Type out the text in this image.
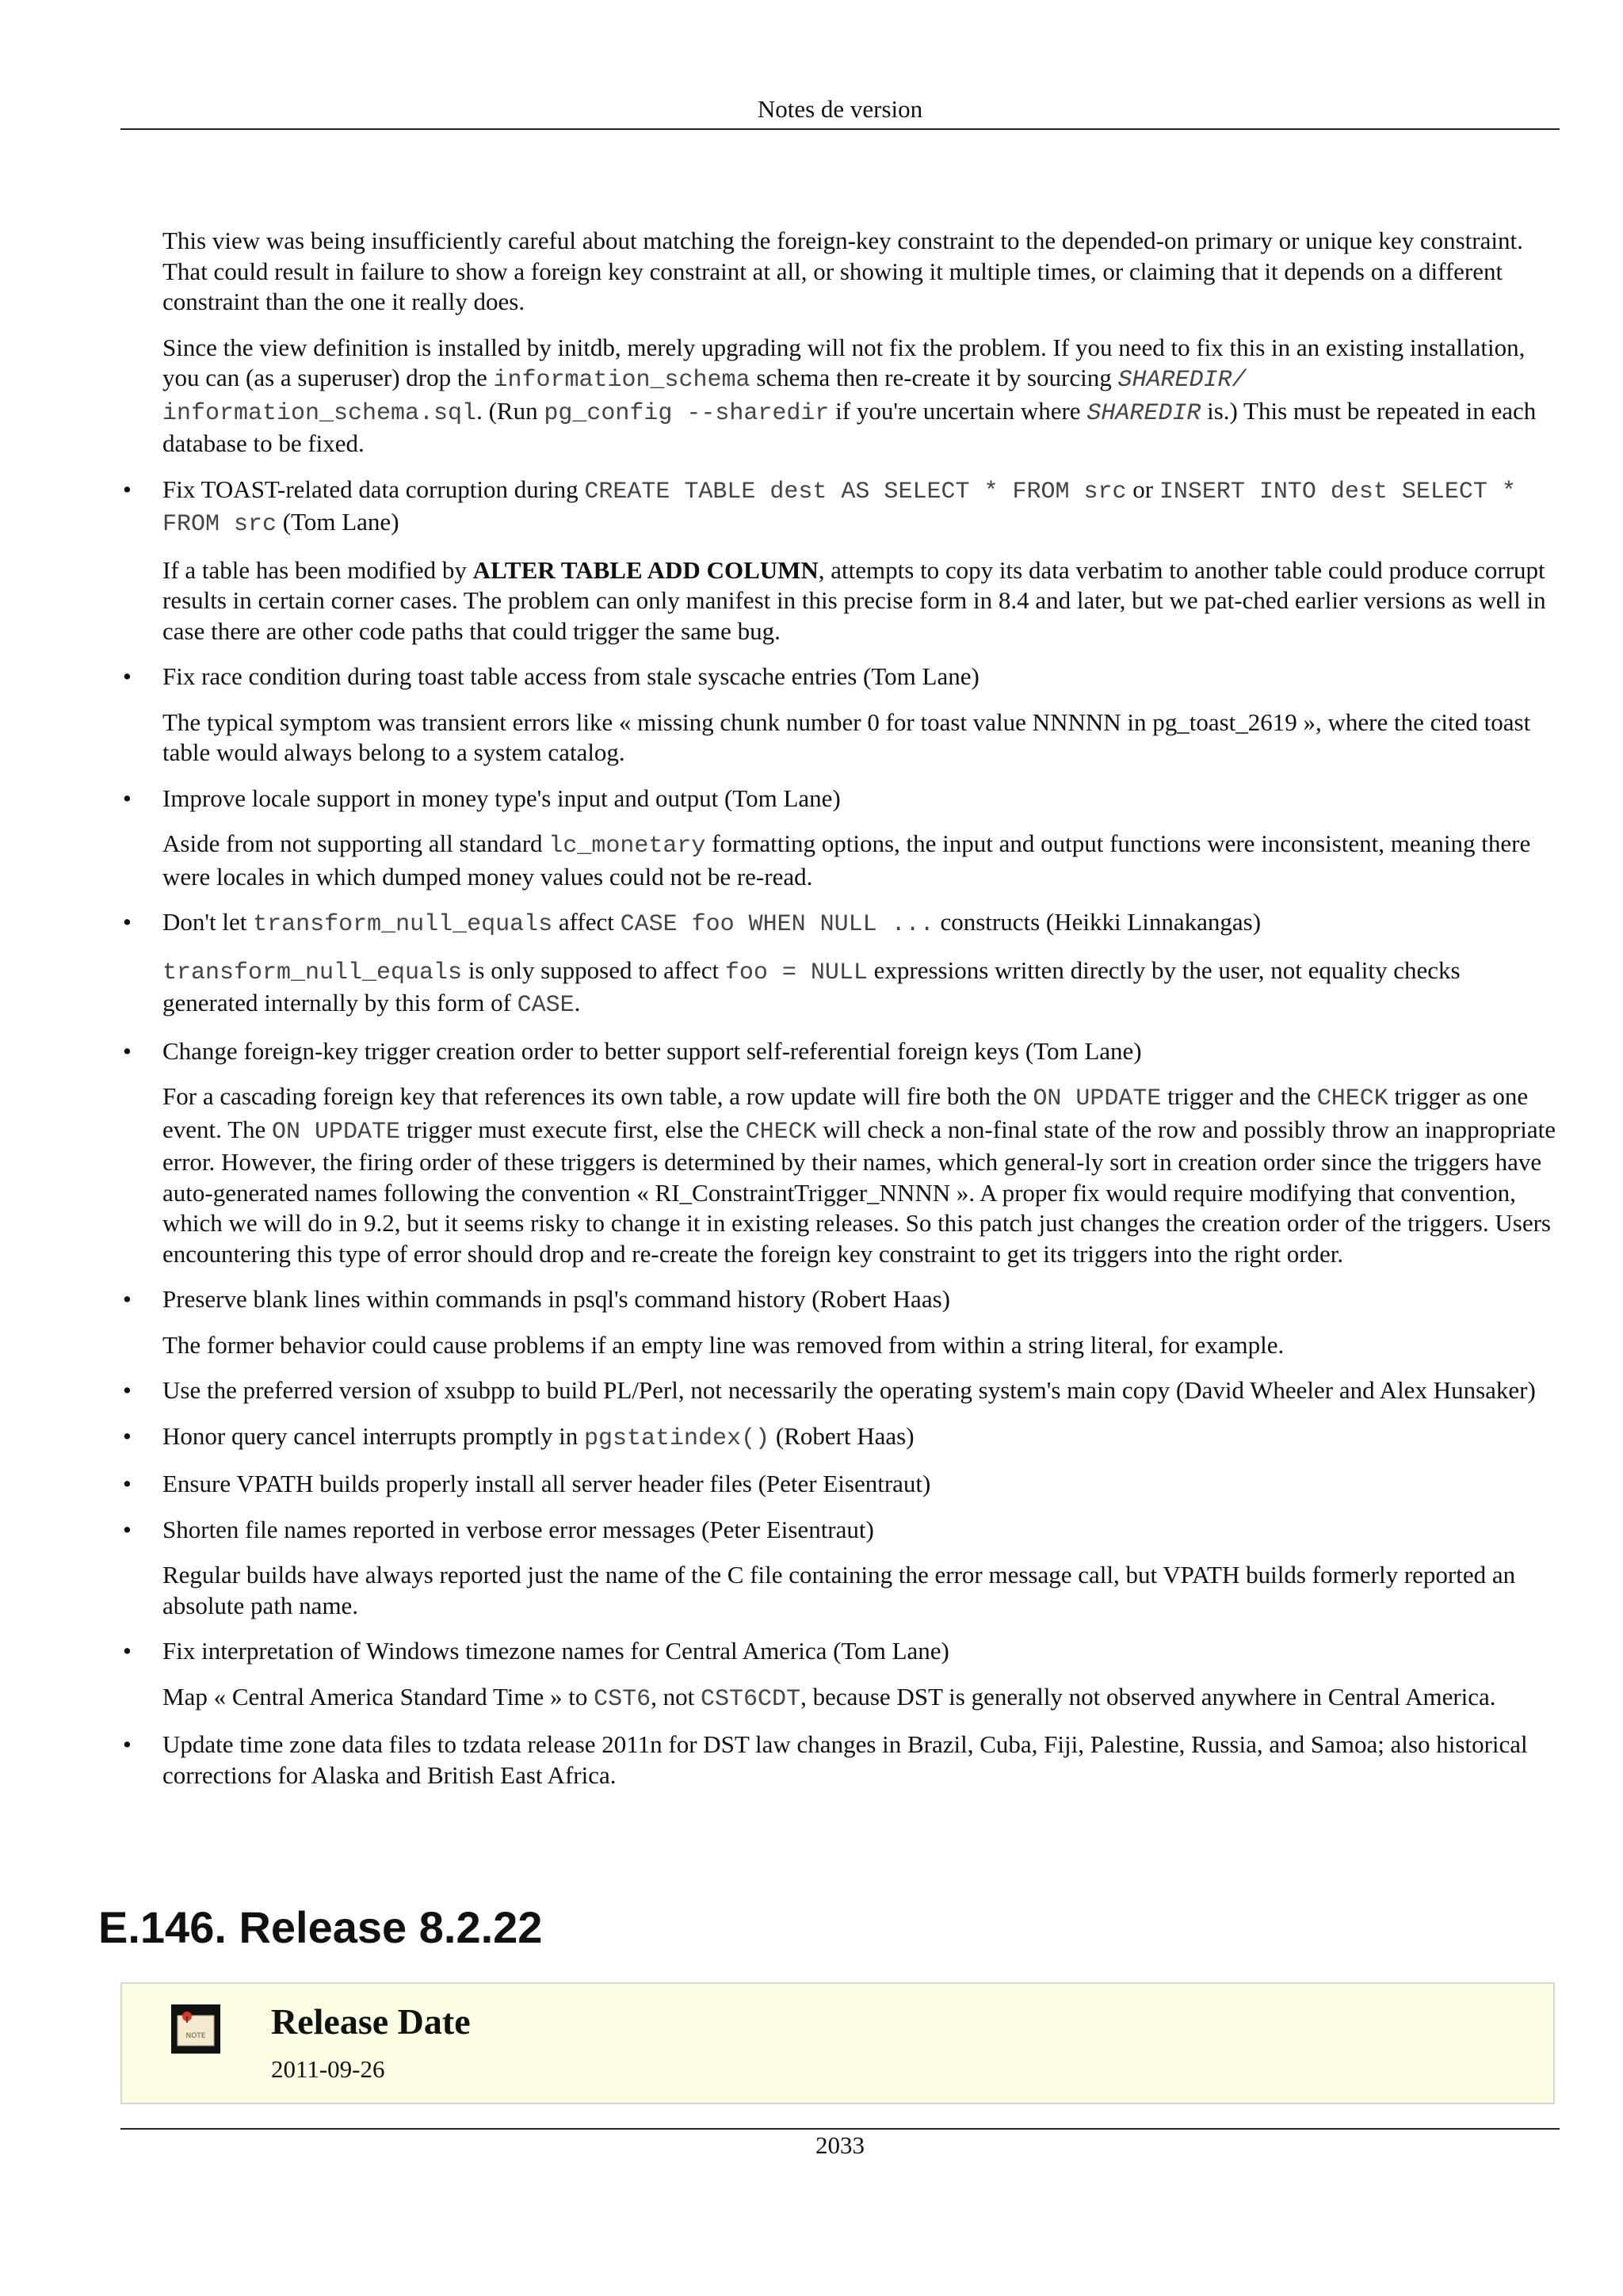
Notes de version

This view was being insufficiently careful about matching the foreign-key constraint to the depended-on primary or unique key constraint. That could result in failure to show a foreign key constraint at all, or showing it multiple times, or claiming that it depends on a different constraint than the one it really does.

Since the view definition is installed by initdb, merely upgrading will not fix the problem. If you need to fix this in an existing installation, you can (as a superuser) drop the information_schema schema then re-create it by sourcing SHAREDIR/
information_schema.sql. (Run pg_config --sharedir if you're uncertain where SHAREDIR is.) This must be repeated in each database to be fixed.

• Fix TOAST-related data corruption during CREATE TABLE dest AS SELECT * FROM src or INSERT INTO dest SELECT * FROM src (Tom Lane)

If a table has been modified by ALTER TABLE ADD COLUMN, attempts to copy its data verbatim to another table could produce corrupt results in certain corner cases. The problem can only manifest in this precise form in 8.4 and later, but we pat-ched earlier versions as well in case there are other code paths that could trigger the same bug.

• Fix race condition during toast table access from stale syscache entries (Tom Lane)

The typical symptom was transient errors like « missing chunk number 0 for toast value NNNNN in pg_toast_2619 », where the cited toast table would always belong to a system catalog.

• Improve locale support in money type's input and output (Tom Lane)

Aside from not supporting all standard lc_monetary formatting options, the input and output functions were inconsistent, meaning there were locales in which dumped money values could not be re-read.

• Don't let transform_null_equals affect CASE foo WHEN NULL ... constructs (Heikki Linnakangas)

transform_null_equals is only supposed to affect foo = NULL expressions written directly by the user, not equality checks generated internally by this form of CASE.

• Change foreign-key trigger creation order to better support self-referential foreign keys (Tom Lane)

For a cascading foreign key that references its own table, a row update will fire both the ON UPDATE trigger and the CHECK trigger as one event. The ON UPDATE trigger must execute first, else the CHECK will check a non-final state of the row and possibly throw an inappropriate error. However, the firing order of these triggers is determined by their names, which general-ly sort in creation order since the triggers have auto-generated names following the convention « RI_ConstraintTrigger_NNNN ». A proper fix would require modifying that convention, which we will do in 9.2, but it seems risky to change it in existing releases. So this patch just changes the creation order of the triggers. Users encountering this type of error should drop and re-create the foreign key constraint to get its triggers into the right order.

• Preserve blank lines within commands in psql's command history (Robert Haas)

The former behavior could cause problems if an empty line was removed from within a string literal, for example.

• Use the preferred version of xsubpp to build PL/Perl, not necessarily the operating system's main copy (David Wheeler and Alex Hunsaker)

• Honor query cancel interrupts promptly in pgstatindex() (Robert Haas)

• Ensure VPATH builds properly install all server header files (Peter Eisentraut)

• Shorten file names reported in verbose error messages (Peter Eisentraut)

Regular builds have always reported just the name of the C file containing the error message call, but VPATH builds formerly reported an absolute path name.

• Fix interpretation of Windows timezone names for Central America (Tom Lane)

Map « Central America Standard Time » to CST6, not CST6CDT, because DST is generally not observed anywhere in Central America.

• Update time zone data files to tzdata release 2011n for DST law changes in Brazil, Cuba, Fiji, Palestine, Russia, and Samoa; also historical corrections for Alaska and British East Africa.

E.146. Release 8.2.22
NOTE Release Date
2011-09-26
2033
